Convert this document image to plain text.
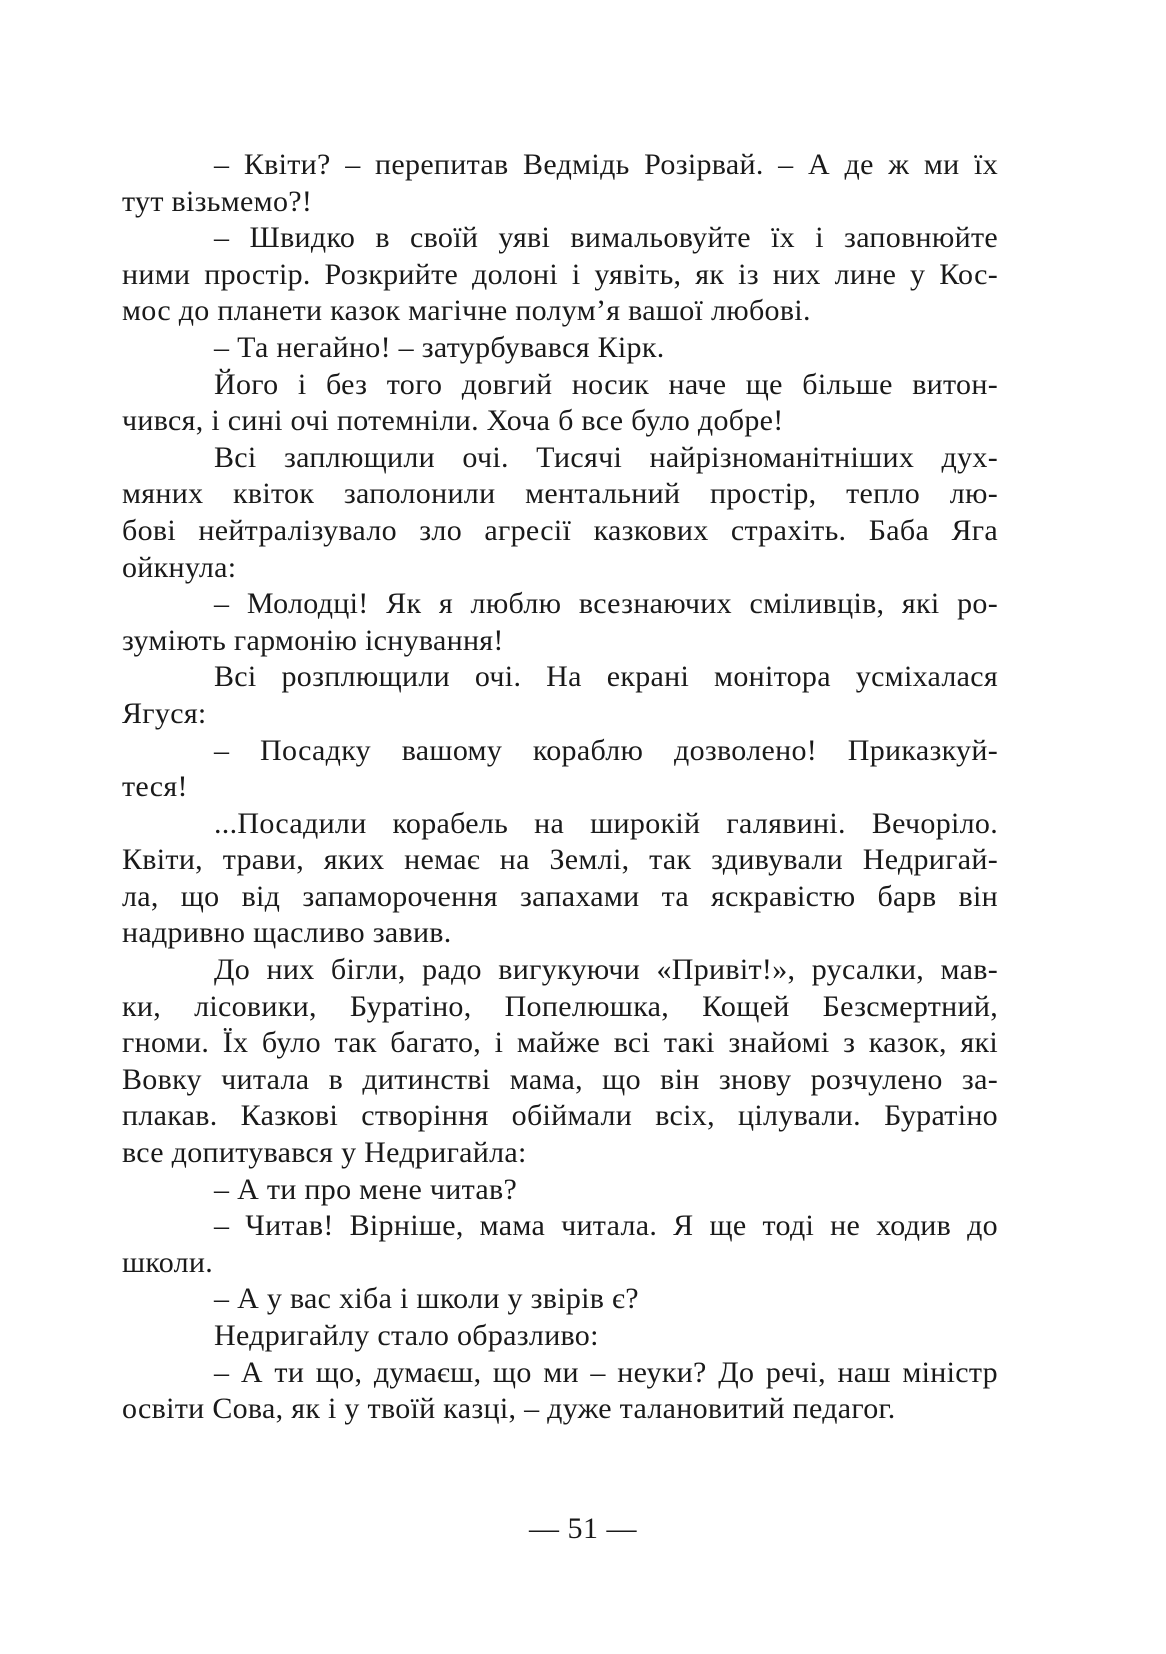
– Квіти? – перепитав Ведмідь Розірвай. – А де ж ми їх
тут візьмемо?!
– Швидко в своїй уяві вимальовуйте їх і заповнюйте
ними простір. Розкрийте долоні і уявіть, як із них лине у Кос-
мос до планети казок магічне полум’я вашої любові.
– Та негайно! – затурбувався Кірк.
Його і без того довгий носик наче ще більше витон-
чився, і сині очі потемніли. Хоча б все було добре!
Всі заплющили очі. Тисячі найрізноманітніших дух-
мяних квіток заполонили ментальний простір, тепло лю-
бові нейтралізувало зло агресії казкових страхіть. Баба Яга
ойкнула:
– Молодці! Як я люблю всезнаючих сміливців, які ро-
зуміють гармонію існування!
Всі розплющили очі. На екрані монітора усміхалася
Ягуся:
– Посадку вашому кораблю дозволено! Приказкуй-
теся!
...Посадили корабель на широкій галявині. Вечоріло.
Квіти, трави, яких немає на Землі, так здивували Недригай-
ла, що від запаморочення запахами та яскравістю барв він
надривно щасливо завив.
До них бігли, радо вигукуючи «Привіт!», русалки, мав-
ки, лісовики, Буратіно, Попелюшка, Кощей Безсмертний,
гноми. Їх було так багато, і майже всі такі знайомі з казок, які
Вовку читала в дитинстві мама, що він знову розчулено за-
плакав. Казкові створіння обіймали всіх, цілували. Буратіно
все допитувався у Недригайла:
– А ти про мене читав?
– Читав! Вірніше, мама читала. Я ще тоді не ходив до
школи.
– А у вас хіба і школи у звірів є?
Недригайлу стало образливо:
– А ти що, думаєш, що ми – неуки? До речі, наш міністр
освіти Сова, як і у твоїй казці, – дуже талановитий педагог.
— 51 —
